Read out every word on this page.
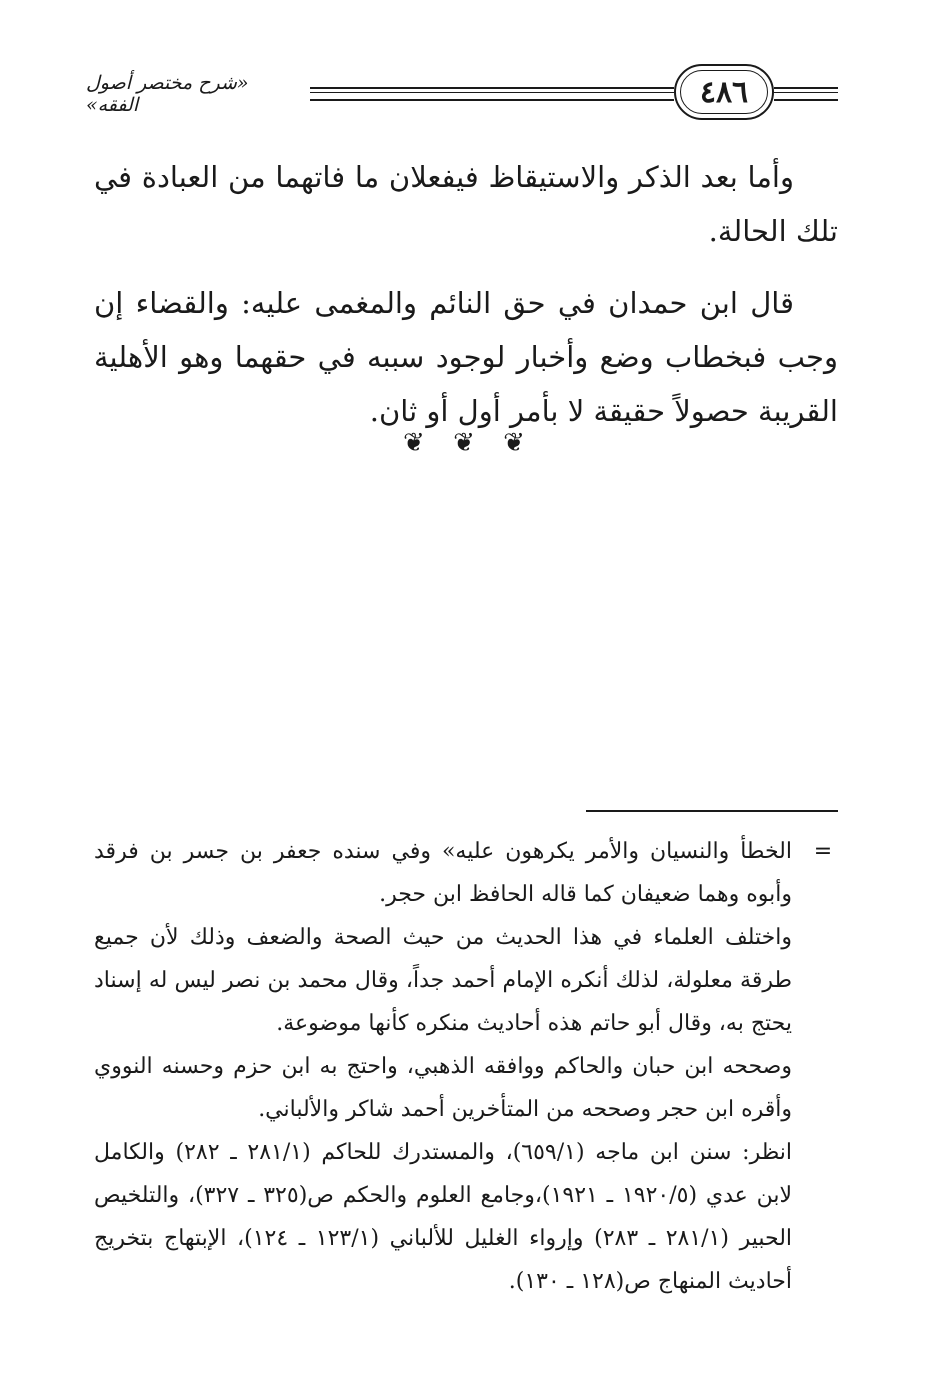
«شرح مختصر أصول الفقه»	٤٨٦

وأما بعد الذكر والاستيقاظ فيفعلان ما فاتهما من العبادة في تلك الحالة.

قال ابن حمدان في حق النائم والمغمى عليه: والقضاء إن وجب فبخطاب وضع وأخبار لوجود سببه في حقهما وهو الأهلية القريبة حصولاً حقيقة لا بأمر أول أو ثان.

❦ ❦ ❦

=
الخطأ والنسيان والأمر يكرهون عليه» وفي سنده جعفر بن جسر بن فرقد وأبوه وهما ضعيفان كما قاله الحافظ ابن حجر.

واختلف العلماء في هذا الحديث من حيث الصحة والضعف وذلك لأن جميع طرقة معلولة، لذلك أنكره الإمام أحمد جداً، وقال محمد بن نصر ليس له إسناد يحتج به، وقال أبو حاتم هذه أحاديث منكره كأنها موضوعة.

وصححه ابن حبان والحاكم ووافقه الذهبي، واحتج به ابن حزم وحسنه النووي وأقره ابن حجر وصححه من المتأخرين أحمد شاكر والألباني.

انظر: سنن ابن ماجه (٦٥٩/١)، والمستدرك للحاكم (٢٨١/١ ـ ٢٨٢) والكامل لابن عدي (١٩٢٠/٥ ـ ١٩٢١)،وجامع العلوم والحكم ص(٣٢٥ ـ ٣٢٧)، والتلخيص الحبير (٢٨١/١ ـ ٢٨٣) وإرواء الغليل للألباني (١٢٣/١ ـ ١٢٤)، الإبتهاج بتخريج أحاديث المنهاج ص(١٢٨ ـ ١٣٠).
